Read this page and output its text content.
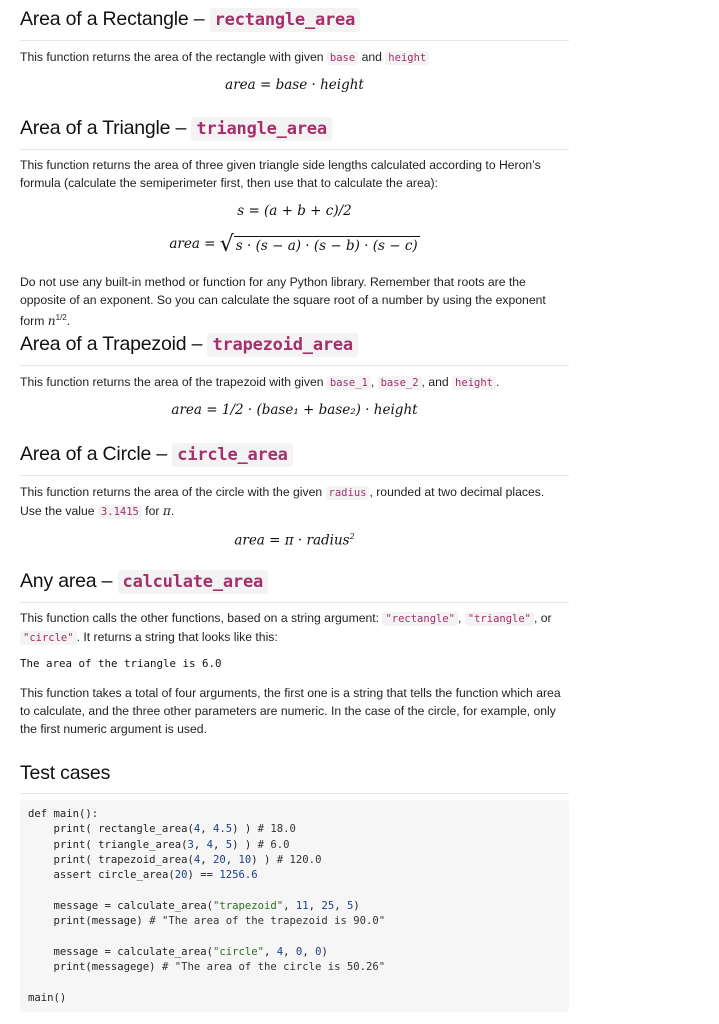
Area of a Rectangle – rectangle_area

This function returns the area of the rectangle with given base and height

area = base · height
Area of a Triangle – triangle_area

This function returns the area of three given triangle side lengths calculated according to Heron’s formula (calculate the semiperimeter first, then use that to calculate the area):

s = (a + b + c)/2
area = √ s · (s − a) · (s − b) · (s − c)

Do not use any built-in method or function for any Python library. Remember that roots are the opposite of an exponent. So you can calculate the square root of a number by using the exponent form $n^{1/2}$.

Area of a Trapezoid – trapezoid_area

This function returns the area of the trapezoid with given base_1 , base_2 , and height .

area = 1/2 · (base₁ + base₂) · height
Area of a Circle – circle_area

This function returns the area of the circle with the given radius , rounded at two decimal places. Use the value 3.1415 for π.

area = π · radius$^2$
Any area – calculate_area

This function calls the other functions, based on a string argument: "rectangle" , "triangle" , or "circle" . It returns a string that looks like this:

The area of the triangle is 6.0

This function takes a total of four arguments, the first one is a string that tells the function which area to calculate, and the three other parameters are numeric. In the case of the circle, for example, only the first numeric argument is used.

Test cases
def main():
print( rectangle_area(4, 4.5) ) # 18.0
print( triangle_area(3, 4, 5) ) # 6.0
print( trapezoid_area(4, 20, 10) ) # 120.0
assert circle_area(20) == 1256.6

message = calculate_area("trapezoid", 11, 25, 5)
print(message) # "The area of the trapezoid is 90.0"

message = calculate_area("circle", 4, 0, 0)
print(messagege) # "The area of the circle is 50.26"

main()
